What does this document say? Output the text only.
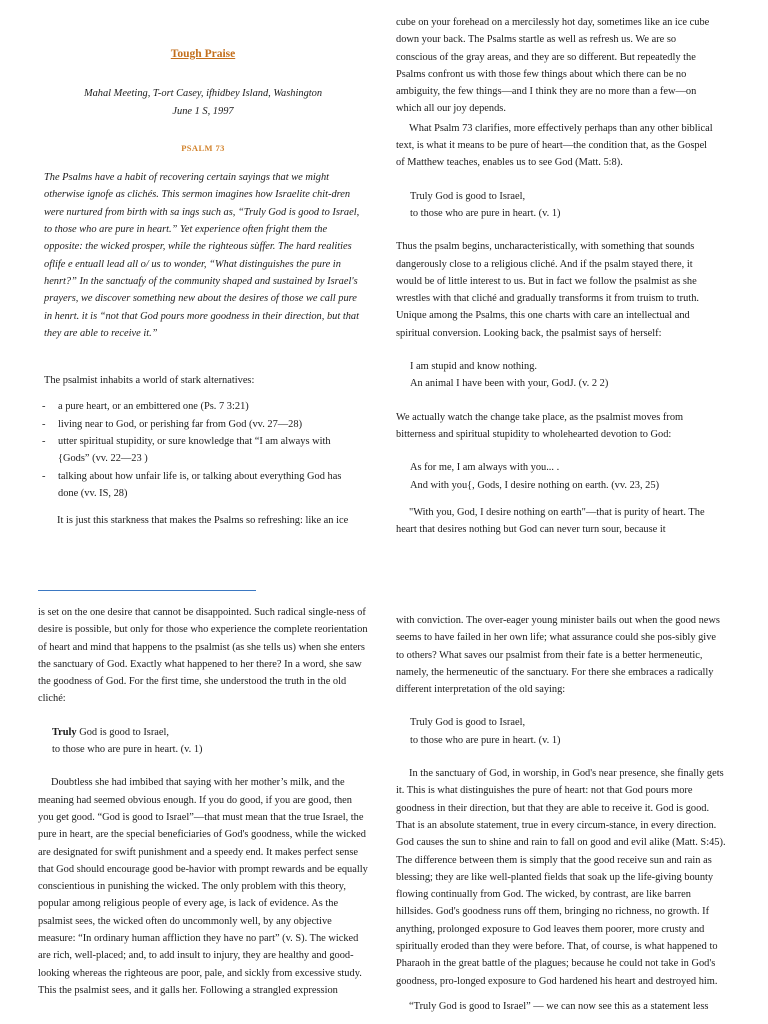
Tough Praise

Mahal Meeting, T-ort Casey, ifhidbey Island, Washington

June 1 S, 1997

PSALM 73

The Psalms have a habit of recovering certain sayings that we might otherwise ignofe as clichés. This sermon imagines how Israelite chit-dren were nurtured from birth with sa ings such as, “Truly God is good to Israel, to those who are pure in heart.” Yet experience often fright them the opposite: the wicked prosper, while the righteous sùffer. The hard realities oflife e entuall lead all o/ us to wonder, “What distinguishes the pure in henrt?” In the sanctuafy of the community shaped and sustained by Israel's prayers, we discover something new about the desires of those we call pure in henrt. it is “not that God pours more goodness in their direction, but that they are able to receive it.”

The psalmist inhabits a world of stark alternatives:

- a pure heart, or an embittered one (Ps. 7 3:21)
- living near to God, or perishing far from God (vv. 27—28)
- utter spiritual stupidity, or sure knowledge that “I am always with {Gods” (vv. 22—23 )
- talking about how unfair life is, or talking about everything God has done (vv. IS, 28)

It is just this starkness that makes the Psalms so refreshing: like an ice

cube on your forehead on a mercilessly hot day, sometimes like an ice cube down your back. The Psalms startle as well as refresh us. We are so conscious of the gray areas, and they are so different. But repeatedly the Psalms confront us with those few things about which there can be no ambiguity, the few things—and I think they are no more than a few—on which all our joy depends.

What Psalm 73 clarifies, more effectively perhaps than any other biblical text, is what it means to be pure of heart—the condition that, as the Gospel of Matthew teaches, enables us to see God (Matt. 5:8).

Truly God is good to Israel,

to those who are pure in heart. (v. 1)

Thus the psalm begins, uncharacteristically, with something that sounds dangerously close to a religious cliché. And if the psalm stayed there, it would be of little interest to us. But in fact we follow the psalmist as she wrestles with that cliché and gradually transforms it from truism to truth. Unique among the Psalms, this one charts with care an intellectual and spiritual conversion. Looking back, the psalmist says of herself:

I am stupid and know nothing.

An animal I have been with your, GodJ. (v. 2 2)

We actually watch the change take place, as the psalmist moves from bitterness and spiritual stupidity to wholehearted devotion to God:

As for me, I am always with you... .

And with you{, Gods, I desire nothing on earth. (vv. 23, 25)

"With you, God, I desire nothing on earth"—that is purity of heart. The heart that desires nothing but God can never turn sour, because it

is set on the one desire that cannot be disappointed. Such radical single-ness of desire is possible, but only for those who experience the complete reorientation of heart and mind that happens to the psalmist (as she tells us) when she enters the sanctuary of God. Exactly what happened to her there? In a word, she saw the goodness of God. For the first time, she understood the truth in the old cliché:

Truly God is good to Israel,

to those who are pure in heart. (v. 1)

Doubtless she had imbibed that saying with her mother’s milk, and the meaning had seemed obvious enough. If you do good, if you are good, then you get good. “God is good to Israel”—that must mean that the true Israel, the pure in heart, are the special beneficiaries of God's goodness, while the wicked are designated for swift punishment and a speedy end. It makes perfect sense that God should encourage good be-havior with prompt rewards and be equally conscientious in punishing the wicked. The only problem with this theory, popular among religious people of every age, is lack of evidence. As the psalmist sees, the wicked often do uncommonly well, by any objective measure: “In ordinary human affliction they have no part” (v. S). The wicked are rich, well-placed; and, to add insult to injury, they are healthy and good-looking whereas the righteous are poor, pale, and sickly from excessive study. This the psalmist sees, and it galls her. Following a strangled expression

with conviction. The over-eager young minister bails out when the good news seems to have failed in her own life; what assurance could she pos-sibly give to others? What saves our psalmist from their fate is a better hermeneutic, namely, the hermeneutic of the sanctuary. For there she embraces a radically different interpretation of the old saying:

Truly God is good to Israel,

to those who are pure in heart. (v. 1)

In the sanctuary of God, in worship, in God's near presence, she finally gets it. This is what distinguishes the pure of heart: not that God pours more goodness in their direction, but that they are able to receive it. God is good. That is an absolute statement, true in every circum-stance, in every direction. God causes the sun to shine and rain to fall on good and evil alike (Matt. S:45). The difference between them is simply that the good receive sun and rain as blessing; they are like well-planted fields that soak up the life-giving bounty flowing continually from God. The wicked, by contrast, are like barren hillsides. God's goodness runs off them, bringing no richness, no growth. If anything, prolonged exposure to God leaves them poorer, more crusty and spiritually eroded than they were before. That, of course, is what happened to Pharaoh in the great battle of the plagues; because he could not take in God's goodness, pro-longed exposure to God hardened his heart and destroyed him.

“Truly God is good to Israel” — we can now see this as a statement less
